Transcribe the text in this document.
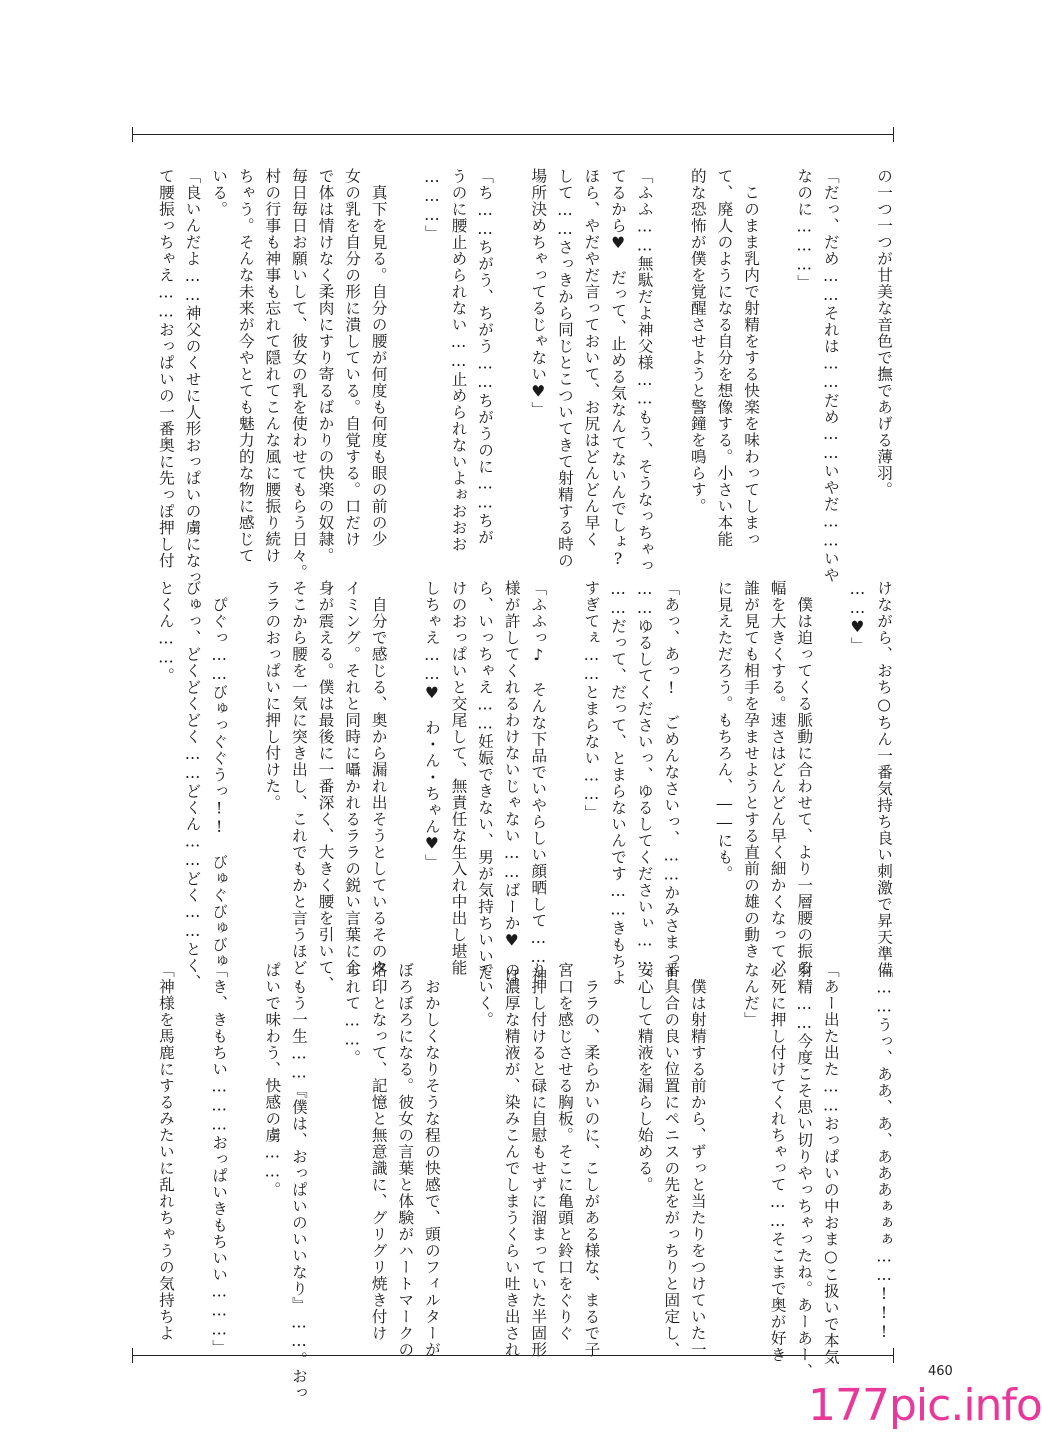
の一つ一つが甘美な音色で撫であげる薄羽。
「だっ、だめ……それは……だめ……いやだ……いや
なのに………」
　このまま乳内で射精をする快楽を味わってしまっ
て、廃人のようになる自分を想像する。小さい本能
的な恐怖が僕を覚醒させようと警鐘を鳴らす。
「ふふ……無駄だよ神父様……もう、そうなっちゃっ
てるから♥　だって、止める気なんてないんでしょ?
ほら、やだやだ言っておいて、お尻はどんどん早く
して……さっきから同じとこついてきて射精する時の
場所決めちゃってるじゃない♥」
「ち……ちがう、ちがう……ちがうのに……ちが
うのに腰止められない……止められないよぉおおお
………」
　真下を見る。自分の腰が何度も何度も眼の前の少
女の乳を自分の形に潰している。自覚する。口だけ
で体は情けなく柔肉にすり寄るばかりの快楽の奴隷。
毎日毎日お願いして、彼女の乳を使わせてもらう日々。
村の行事も神事も忘れて隠れてこんな風に腰振り続け
ちゃう。そんな未来が今やとても魅力的な物に感じて
いる。
「良いんだよ……神父のくせに人形おっぱいの虜になっ
て腰振っちゃえ……おっぱいの一番奥に先っぽ押し付
けながら、おち○ちん一番気持ち良い刺激で昇天準備
……♥」
　僕は迫ってくる脈動に合わせて、より一層腰の振る
幅を大きくする。速さはどんどん早く細かくなって、
誰が見ても相手を孕ませようとする直前の雄の動き
に見えただろう。もちろん、――にも。
「あっ、あっ!　ごめんなさいっ、……かみさまっ!
……ゆるしてくださいっ、ゆるしてくださいぃ……。
……だって、だって、とまらないんです……きもちよ
すぎてぇ……とまらない……」
「ふふっ♪　そんな下品でいやらしい顔晒して……神
様が許してくれるわけないじゃない……ばーか♥　ほ
ら、いっちゃえ……妊娠できない、男が気持ちいいだ
けのおっぱいと交尾して、無責任な生入れ中出し堪能
しちゃえ……♥　わ・ん・ちゃん♥」
　自分で感じる、奥から漏れ出そうとしているそのタ
イミング。それと同時に囁かれるララの鋭い言葉に全
身が震える。僕は最後に一番深く、大きく腰を引いて、
そこから腰を一気に突き出し、これでもかと言うほど
ララのおっぱいに押し付けた。
　ぴぐっ……びゅっぐぐうっ!!　びゅぐびゅびゅ
びゅっ、どくどくどく……どくん……どく……とく、
とくん……。
「……うっ、ああ、あ、あああぁぁぁ……!!!
「あー出た出た……おっぱいの中おま○こ扱いで本気
射精……今度こそ思い切りやっちゃったね。あーあー、
必死に押し付けてくれちゃって……そこまで奥が好き
なんだ」
　僕は射精する前から、ずっと当たりをつけていた一
番具合の良い位置にペニスの先をがっちりと固定し、
安心して精液を漏らし始める。
　ララの、柔らかいのに、こしがある様な、まるで子
宮口を感じさせる胸板。そこに亀頭と鈴口をぐりぐ
り押し付けると碌に自慰もせずに溜まっていた半固形
の濃厚な精液が、染みこんでしまうくらい吐き出され
ていく。
　おかしくなりそうな程の快感で、頭のフィルターが
ぼろぼろになる。彼女の言葉と体験がハートマークの
烙印となって、記憶と無意識に、グリグリ焼き付け
られて……。
　もう一生……『僕は、おっぱいのいいなり』……。おっ
ぱいで味わう、快感の虜……。
「き、きもちい………おっぱいきもちいい………」
「神様を馬鹿にするみたいに乱れちゃうの気持ちよ
460
177pic.info
